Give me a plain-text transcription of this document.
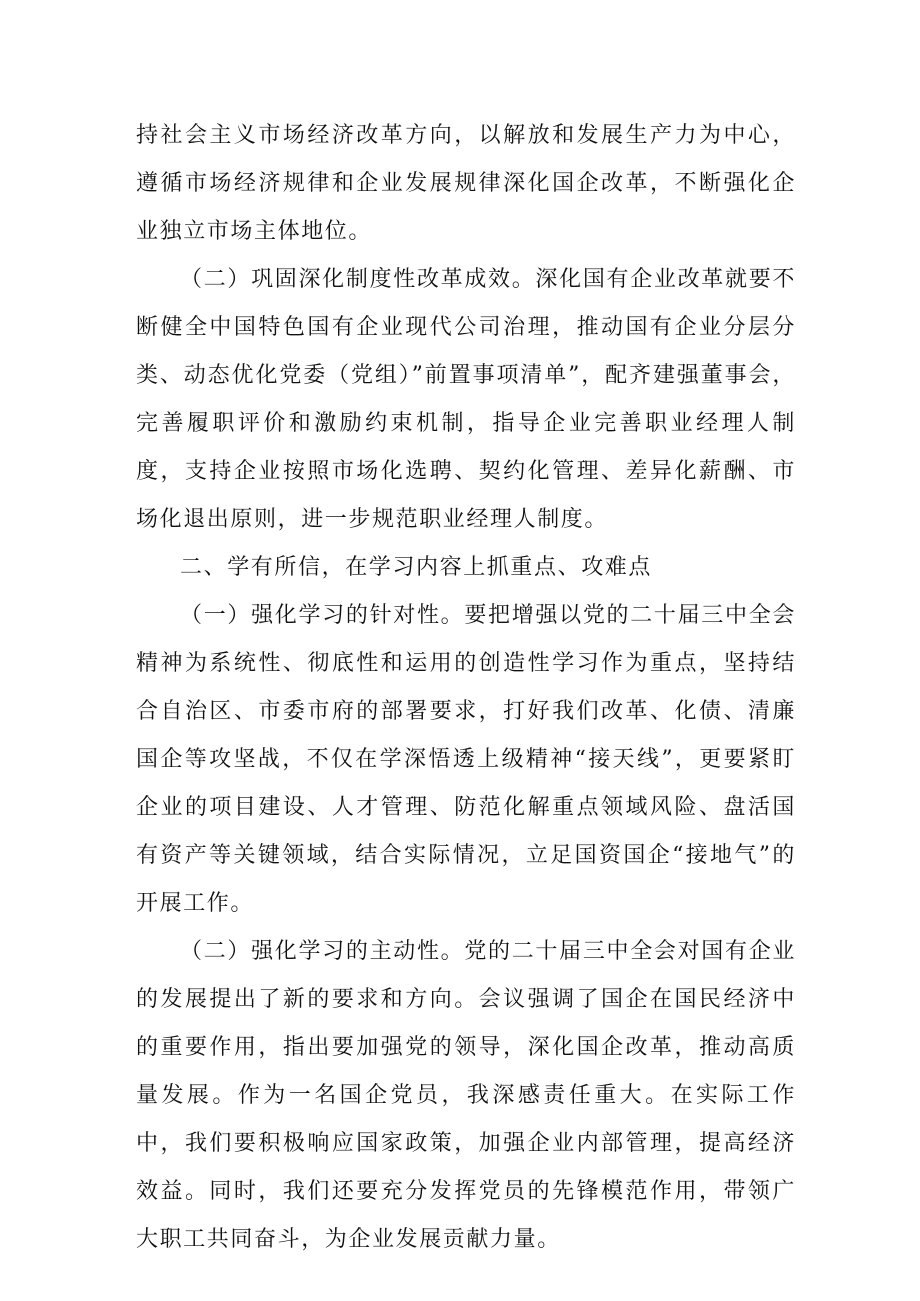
持社会主义市场经济改革方向，以解放和发展生产力为中心，遵循市场经济规律和企业发展规律深化国企改革，不断强化企业独立市场主体地位。

（二）巩固深化制度性改革成效。深化国有企业改革就要不断健全中国特色国有企业现代公司治理，推动国有企业分层分类、动态优化党委（党组）”前置事项清单”，配齐建强董事会，完善履职评价和激励约束机制，指导企业完善职业经理人制度，支持企业按照市场化选聘、契约化管理、差异化薪酬、市场化退出原则，进一步规范职业经理人制度。

二、学有所信，在学习内容上抓重点、攻难点

（一）强化学习的针对性。要把增强以党的二十届三中全会精神为系统性、彻底性和运用的创造性学习作为重点，坚持结合自治区、市委市府的部署要求，打好我们改革、化债、清廉国企等攻坚战，不仅在学深悟透上级精神“接天线”，更要紧盯企业的项目建设、人才管理、防范化解重点领域风险、盘活国有资产等关键领域，结合实际情况，立足国资国企“接地气”的开展工作。

（二）强化学习的主动性。党的二十届三中全会对国有企业的发展提出了新的要求和方向。会议强调了国企在国民经济中的重要作用，指出要加强党的领导，深化国企改革，推动高质量发展。作为一名国企党员，我深感责任重大。在实际工作中，我们要积极响应国家政策，加强企业内部管理，提高经济效益。同时，我们还要充分发挥党员的先锋模范作用，带领广大职工共同奋斗，为企业发展贡献力量。
